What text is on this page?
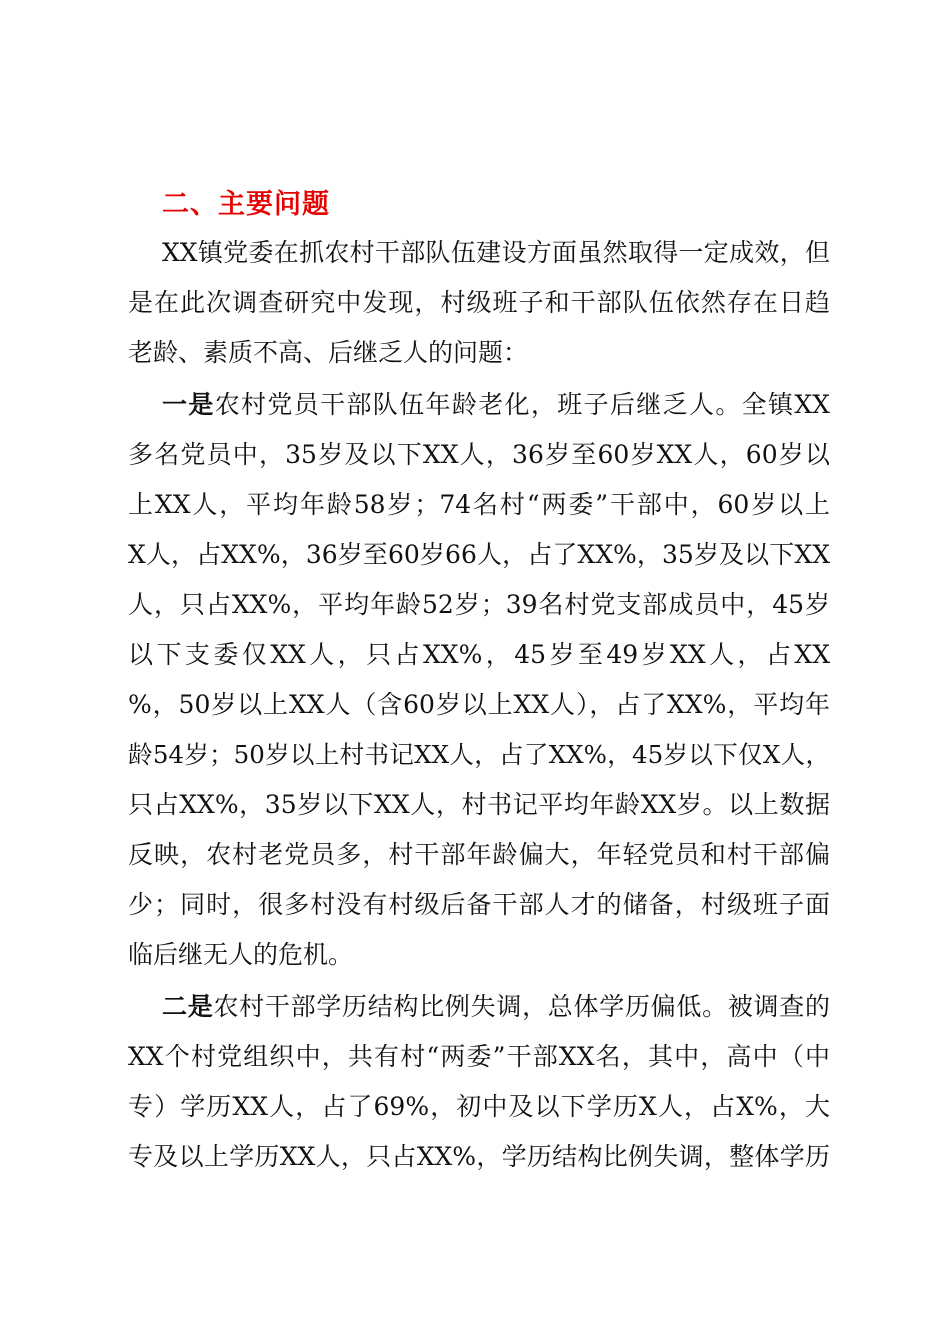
二、主要问题
XX镇党委在抓农村干部队伍建设方面虽然取得一定成效，但
是在此次调查研究中发现，村级班子和干部队伍依然存在日趋
老龄、素质不高、后继乏人的问题：
一是农村党员干部队伍年龄老化，班子后继乏人。全镇XX
多名党员中，35岁及以下XX人，36岁至60岁XX人，60岁以
上XX人，平均年龄58岁；74名村“两委”干部中，60岁以上
X人，占XX%，36岁至60岁66人，占了XX%，35岁及以下XX
人，只占XX%，平均年龄52岁；39名村党支部成员中，45岁
以下支委仅XX人，只占XX%，45岁至49岁XX人，占XX
%，50岁以上XX人（含60岁以上XX人），占了XX%，平均年
龄54岁；50岁以上村书记XX人，占了XX%，45岁以下仅X人，
只占XX%，35岁以下XX人，村书记平均年龄XX岁。以上数据
反映，农村老党员多，村干部年龄偏大，年轻党员和村干部偏
少；同时，很多村没有村级后备干部人才的储备，村级班子面
临后继无人的危机。
二是农村干部学历结构比例失调，总体学历偏低。被调查的
XX个村党组织中，共有村“两委”干部XX名，其中，高中（中
专）学历XX人，占了69%，初中及以下学历X人，占X%，大
专及以上学历XX人，只占XX%，学历结构比例失调，整体学历
